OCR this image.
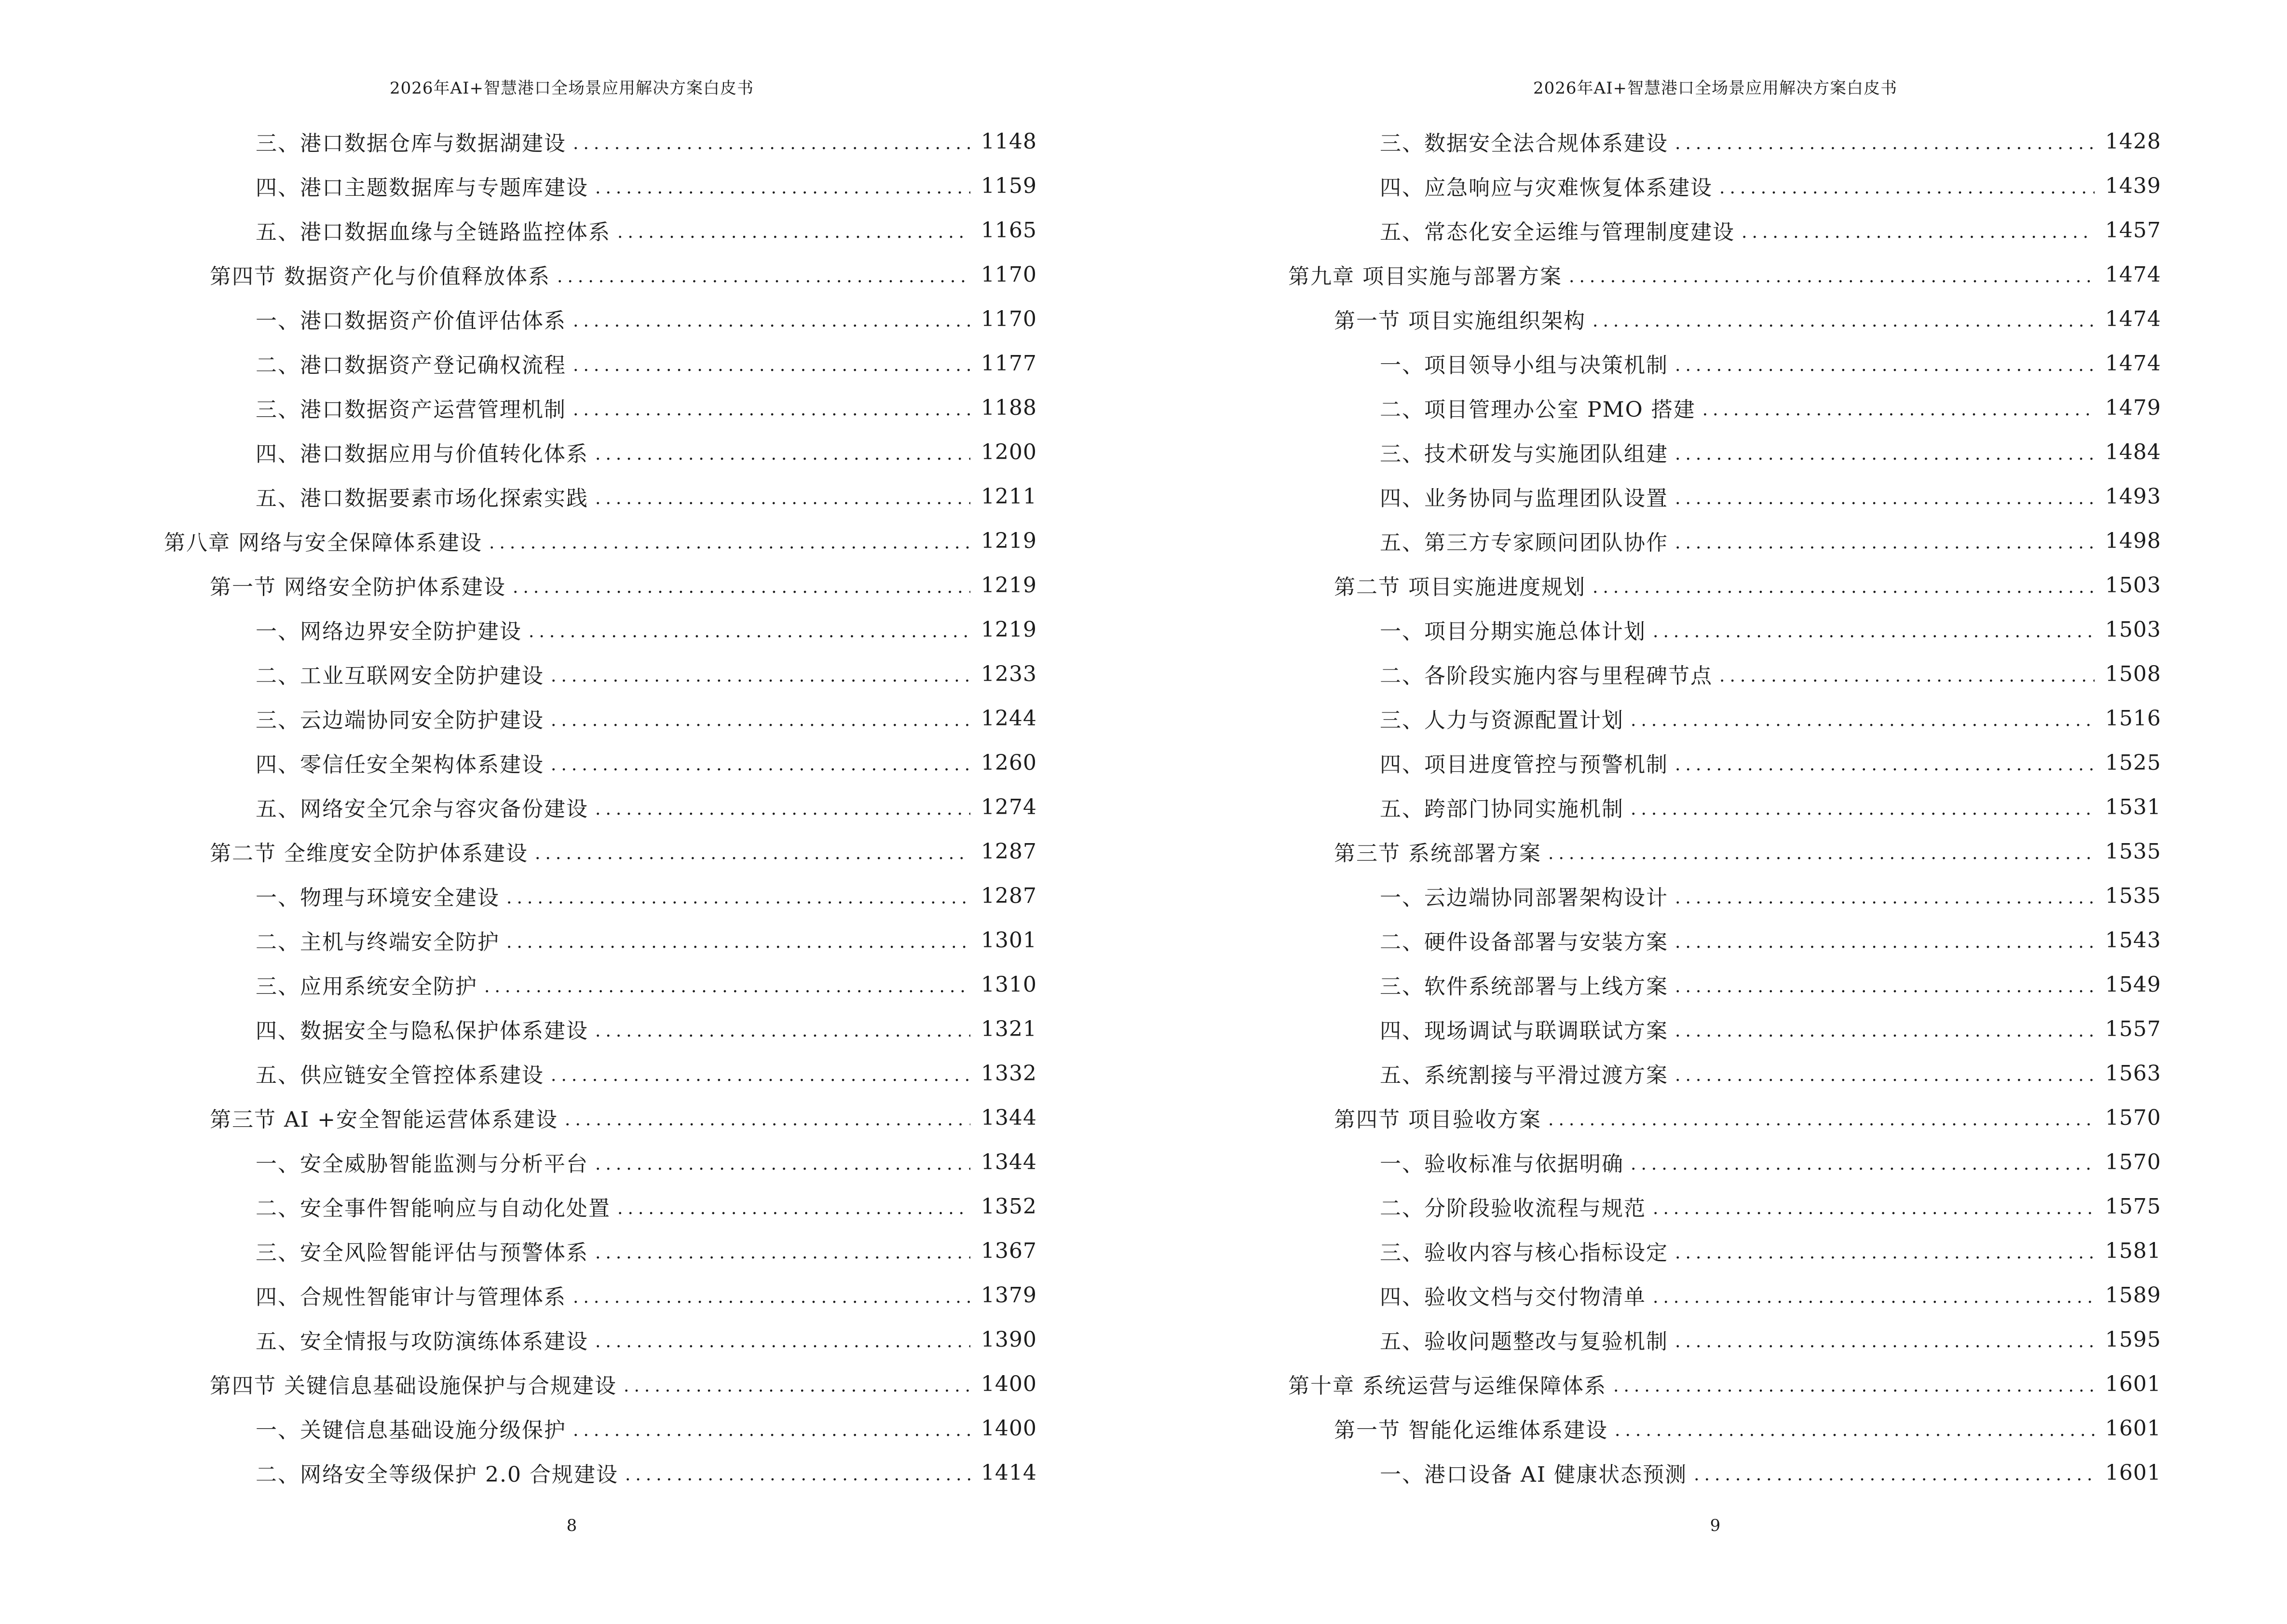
2026年AI+智慧港口全场景应用解决方案白皮书
三、港口数据仓库与数据湖建设 .....	1148
四、港口主题数据库与专题库建设 .....	1159
五、港口数据血缘与全链路监控体系 .....	1165
第四节 数据资产化与价值释放体系 .....	1170
一、港口数据资产价值评估体系 .....	1170
二、港口数据资产登记确权流程 .....	1177
三、港口数据资产运营管理机制 .....	1188
四、港口数据应用与价值转化体系 .....	1200
五、港口数据要素市场化探索实践 .....	1211
第八章 网络与安全保障体系建设 .....	1219
第一节 网络安全防护体系建设 .....	1219
一、网络边界安全防护建设 .....	1219
二、工业互联网安全防护建设 .....	1233
三、云边端协同安全防护建设 .....	1244
四、零信任安全架构体系建设 .....	1260
五、网络安全冗余与容灾备份建设 .....	1274
第二节 全维度安全防护体系建设 .....	1287
一、物理与环境安全建设 .....	1287
二、主机与终端安全防护 .....	1301
三、应用系统安全防护 .....	1310
四、数据安全与隐私保护体系建设 .....	1321
五、供应链安全管控体系建设 .....	1332
第三节 AI +安全智能运营体系建设 .....	1344
一、安全威胁智能监测与分析平台 .....	1344
二、安全事件智能响应与自动化处置 .....	1352
三、安全风险智能评估与预警体系 .....	1367
四、合规性智能审计与管理体系 .....	1379
五、安全情报与攻防演练体系建设 .....	1390
第四节 关键信息基础设施保护与合规建设 .....	1400
一、关键信息基础设施分级保护 .....	1400
二、网络安全等级保护 2.0 合规建设 .....	1414
8
2026年AI+智慧港口全场景应用解决方案白皮书
三、数据安全法合规体系建设 .....	1428
四、应急响应与灾难恢复体系建设 .....	1439
五、常态化安全运维与管理制度建设 .....	1457
第九章 项目实施与部署方案 .....	1474
第一节 项目实施组织架构 .....	1474
一、项目领导小组与决策机制 .....	1474
二、项目管理办公室 PMO 搭建 .....	1479
三、技术研发与实施团队组建 .....	1484
四、业务协同与监理团队设置 .....	1493
五、第三方专家顾问团队协作 .....	1498
第二节 项目实施进度规划 .....	1503
一、项目分期实施总体计划 .....	1503
二、各阶段实施内容与里程碑节点 .....	1508
三、人力与资源配置计划 .....	1516
四、项目进度管控与预警机制 .....	1525
五、跨部门协同实施机制 .....	1531
第三节 系统部署方案 .....	1535
一、云边端协同部署架构设计 .....	1535
二、硬件设备部署与安装方案 .....	1543
三、软件系统部署与上线方案 .....	1549
四、现场调试与联调联试方案 .....	1557
五、系统割接与平滑过渡方案 .....	1563
第四节 项目验收方案 .....	1570
一、验收标准与依据明确 .....	1570
二、分阶段验收流程与规范 .....	1575
三、验收内容与核心指标设定 .....	1581
四、验收文档与交付物清单 .....	1589
五、验收问题整改与复验机制 .....	1595
第十章 系统运营与运维保障体系 .....	1601
第一节 智能化运维体系建设 .....	1601
一、港口设备 AI 健康状态预测 .....	1601
9
